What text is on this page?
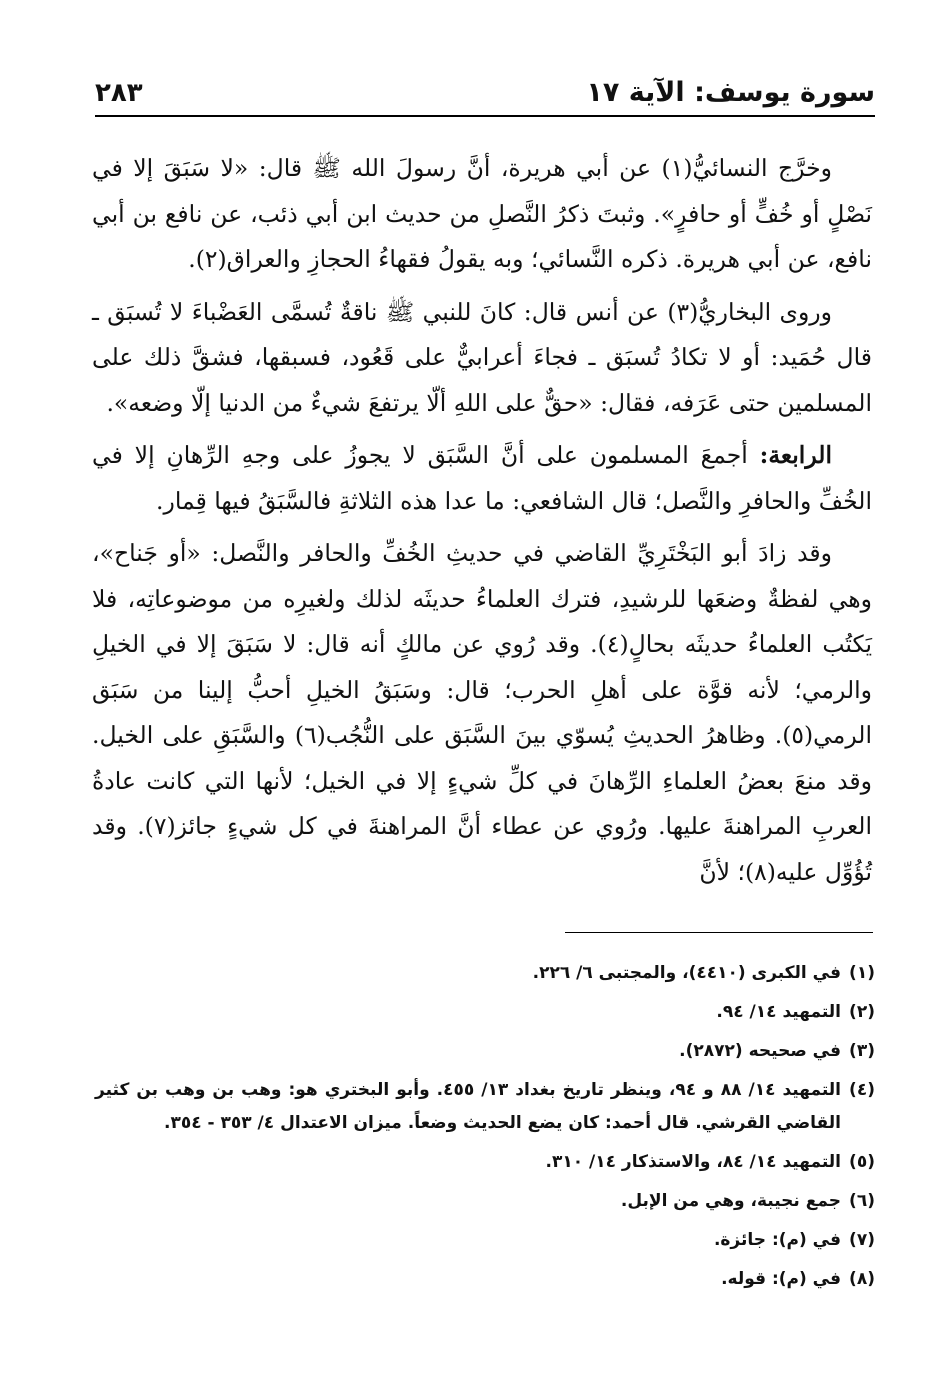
سورة يوسف: الآية ١٧
٢٨٣

وخرَّج النسائيُّ(١) عن أبي هريرة، أنَّ رسولَ الله ﷺ قال: «لا سَبَقَ إلا في نَصْلٍ أو خُفٍّ أو حافرٍ». وثبتَ ذكرُ النَّصلِ من حديث ابن أبي ذئب، عن نافع بن أبي نافع، عن أبي هريرة. ذكره النَّسائي؛ وبه يقولُ فقهاءُ الحجازِ والعراق(٢).

وروى البخاريُّ(٣) عن أنس قال: كانَ للنبي ﷺ ناقةٌ تُسمَّى العَضْباءَ لا تُسبَق ـ قال حُمَيد: أو لا تكادُ تُسبَق ـ فجاءَ أعرابيٌّ على قَعُود، فسبقها، فشقَّ ذلك على المسلمين حتى عَرَفه، فقال: «حقٌّ على اللهِ ألّا يرتفعَ شيءٌ من الدنيا إلّا وضعه».

الرابعة: أجمعَ المسلمون على أنَّ السَّبَق لا يجوزُ على وجهِ الرِّهانِ إلا في الخُفِّ والحافرِ والنَّصل؛ قال الشافعي: ما عدا هذه الثلاثةِ فالسَّبَقُ فيها قِمار.

وقد زادَ أبو البَخْتَرِيِّ القاضي في حديثِ الخُفِّ والحافر والنَّصل: «أو جَناح»، وهي لفظةٌ وضعَها للرشيدِ، فترك العلماءُ حديثَه لذلك ولغيرِه من موضوعاتِه، فلا يَكتُب العلماءُ حديثَه بحالٍ(٤). وقد رُوي عن مالكٍ أنه قال: لا سَبَقَ إلا في الخيلِ والرمي؛ لأنه قوَّة على أهلِ الحرب؛ قال: وسَبَقُ الخيلِ أحبُّ إلينا من سَبَق الرمي(٥). وظاهرُ الحديثِ يُسوّي بينَ السَّبَق على النُّجُب(٦) والسَّبَقِ على الخيل. وقد منعَ بعضُ العلماءِ الرِّهانَ في كلِّ شيءٍ إلا في الخيل؛ لأنها التي كانت عادةُ العربِ المراهنةَ عليها. ورُوي عن عطاء أنَّ المراهنةَ في كل شيءٍ جائز(٧). وقد تُؤُوِّل عليه(٨)؛ لأنَّ

(١)
في الكبرى (٤٤١٠)، والمجتبى ٦/ ٢٢٦.
(٢)
التمهيد ١٤/ ٩٤.
(٣)
في صحيحه (٢٨٧٢).
(٤)
التمهيد ١٤/ ٨٨ و ٩٤، وينظر تاريخ بغداد ١٣/ ٤٥٥. وأبو البختري هو: وهب بن وهب بن كثير القاضي القرشي. قال أحمد: كان يضع الحديث وضعاً. ميزان الاعتدال ٤/ ٣٥٣ - ٣٥٤.
(٥)
التمهيد ١٤/ ٨٤، والاستذكار ١٤/ ٣١٠.
(٦)
جمع نجيبة، وهي من الإبل.
(٧)
في (م): جائزة.
(٨)
في (م): قوله.
